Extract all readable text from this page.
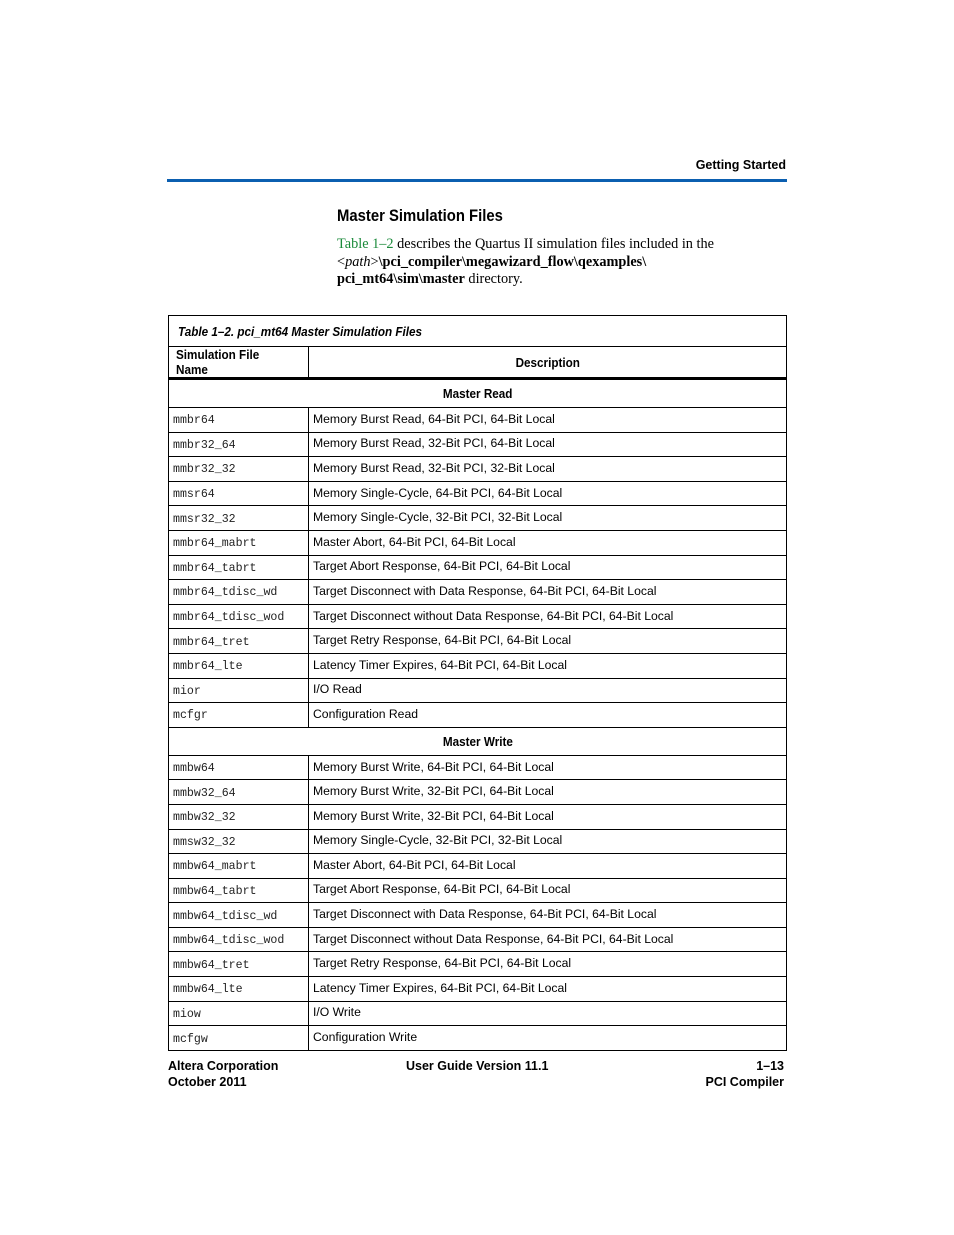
Getting Started
Master Simulation Files
Table 1–2 describes the Quartus II simulation files included in the <path>\pci_compiler\megawizard_flow\qexamples\ pci_mt64\sim\master directory.
Table 1–2. pci_mt64 Master Simulation Files	
Simulation File Name	Description
Master Read	
mmbr64	Memory Burst Read, 64-Bit PCI, 64-Bit Local
mmbr32_64	Memory Burst Read, 32-Bit PCI, 64-Bit Local
mmbr32_32	Memory Burst Read, 32-Bit PCI, 32-Bit Local
mmsr64	Memory Single-Cycle, 64-Bit PCI, 64-Bit Local
mmsr32_32	Memory Single-Cycle, 32-Bit PCI, 32-Bit Local
mmbr64_mabrt	Master Abort, 64-Bit PCI, 64-Bit Local
mmbr64_tabrt	Target Abort Response, 64-Bit PCI, 64-Bit Local
mmbr64_tdisc_wd	Target Disconnect with Data Response, 64-Bit PCI, 64-Bit Local
mmbr64_tdisc_wod	Target Disconnect without Data Response, 64-Bit PCI, 64-Bit Local
mmbr64_tret	Target Retry Response, 64-Bit PCI, 64-Bit Local
mmbr64_lte	Latency Timer Expires, 64-Bit PCI, 64-Bit Local
mior	I/O Read
mcfgr	Configuration Read
Master Write	
mmbw64	Memory Burst Write, 64-Bit PCI, 64-Bit Local
mmbw32_64	Memory Burst Write, 32-Bit PCI, 64-Bit Local
mmbw32_32	Memory Burst Write, 32-Bit PCI, 64-Bit Local
mmsw32_32	Memory Single-Cycle, 32-Bit PCI, 32-Bit Local
mmbw64_mabrt	Master Abort, 64-Bit PCI, 64-Bit Local
mmbw64_tabrt	Target Abort Response, 64-Bit PCI, 64-Bit Local
mmbw64_tdisc_wd	Target Disconnect with Data Response, 64-Bit PCI, 64-Bit Local
mmbw64_tdisc_wod	Target Disconnect without Data Response, 64-Bit PCI, 64-Bit Local
mmbw64_tret	Target Retry Response, 64-Bit PCI, 64-Bit Local
mmbw64_lte	Latency Timer Expires, 64-Bit PCI, 64-Bit Local
miow	I/O Write
mcfgw	Configuration Write
Altera Corporation
October 2011
User Guide Version 11.1	1–13
PCI Compiler
